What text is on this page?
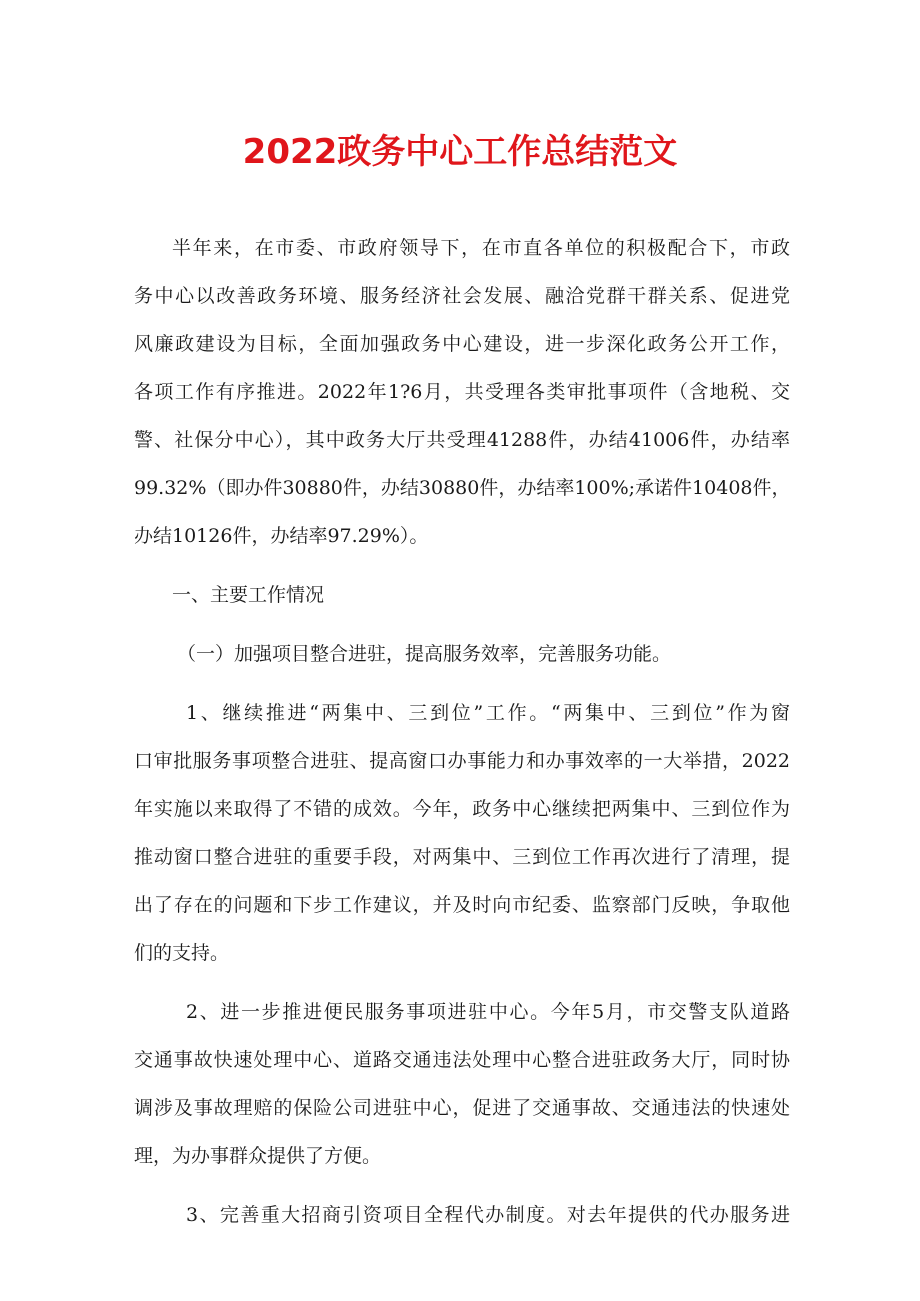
2022政务中心工作总结范文
半年来，在市委、市政府领导下，在市直各单位的积极配合下，市政
务中心以改善政务环境、服务经济社会发展、融洽党群干群关系、促进党
风廉政建设为目标，全面加强政务中心建设，进一步深化政务公开工作，
各项工作有序推进。2022年1?6月，共受理各类审批事项件（含地税、交
警、社保分中心），其中政务大厅共受理41288件，办结41006件，办结率
99.32%（即办件30880件，办结30880件，办结率100%;承诺件10408件，
办结10126件，办结率97.29%）。
一、主要工作情况
（一）加强项目整合进驻，提高服务效率，完善服务功能。
1、继续推进“两集中、三到位”工作。“两集中、三到位”作为窗
口审批服务事项整合进驻、提高窗口办事能力和办事效率的一大举措，2022
年实施以来取得了不错的成效。今年，政务中心继续把两集中、三到位作为
推动窗口整合进驻的重要手段，对两集中、三到位工作再次进行了清理，提
出了存在的问题和下步工作建议，并及时向市纪委、监察部门反映，争取他
们的支持。
2、进一步推进便民服务事项进驻中心。今年5月，市交警支队道路
交通事故快速处理中心、道路交通违法处理中心整合进驻政务大厅，同时协
调涉及事故理赔的保险公司进驻中心，促进了交通事故、交通违法的快速处
理，为办事群众提供了方便。
3、完善重大招商引资项目全程代办制度。对去年提供的代办服务进
